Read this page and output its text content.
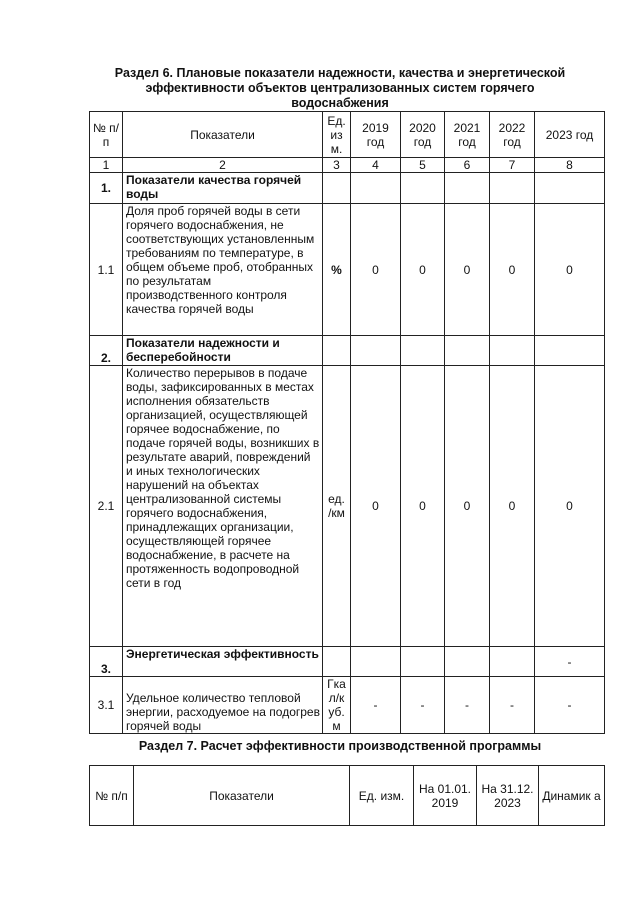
Раздел 6. Плановые показатели надежности, качества и энергетической эффективности объектов централизованных систем горячего водоснабжения
№ п/п	Показатели	Ед. из м.	2019 год	2020 год	2021 год	2022 год	2023 год
1	2	3	4	5	6	7	8
1.	Показатели качества горячей воды						
1.1	Доля проб горячей воды в сети горячего водоснабжения, не соответствующих установленным требованиям по температуре, в общем объеме проб, отобранных по результатам производственного контроля качества горячей воды	%	0	0	0	0	0
2.	Показатели надежности и бесперебойности						
2.1	Количество перерывов в подаче воды, зафиксированных в местах исполнения обязательств организацией, осуществляющей горячее водоснабжение, по подаче горячей воды, возникших в результате аварий, повреждений и иных технологических нарушений на объектах централизованной системы горячего водоснабжения, принадлежащих организации, осуществляющей горячее водоснабжение, в расчете на протяженность водопроводной сети в год	ед. /км	0	0	0	0	0
3.	Энергетическая эффективность						-
3.1	Удельное количество тепловой энергии, расходуемое на подогрев горячей воды	Гка л/к уб. м	-	-	-	-	-
Раздел 7. Расчет эффективности производственной программы
№ п/п	Показатели	Ед. изм.	На 01.01. 2019	На 31.12. 2023	Динамик а
